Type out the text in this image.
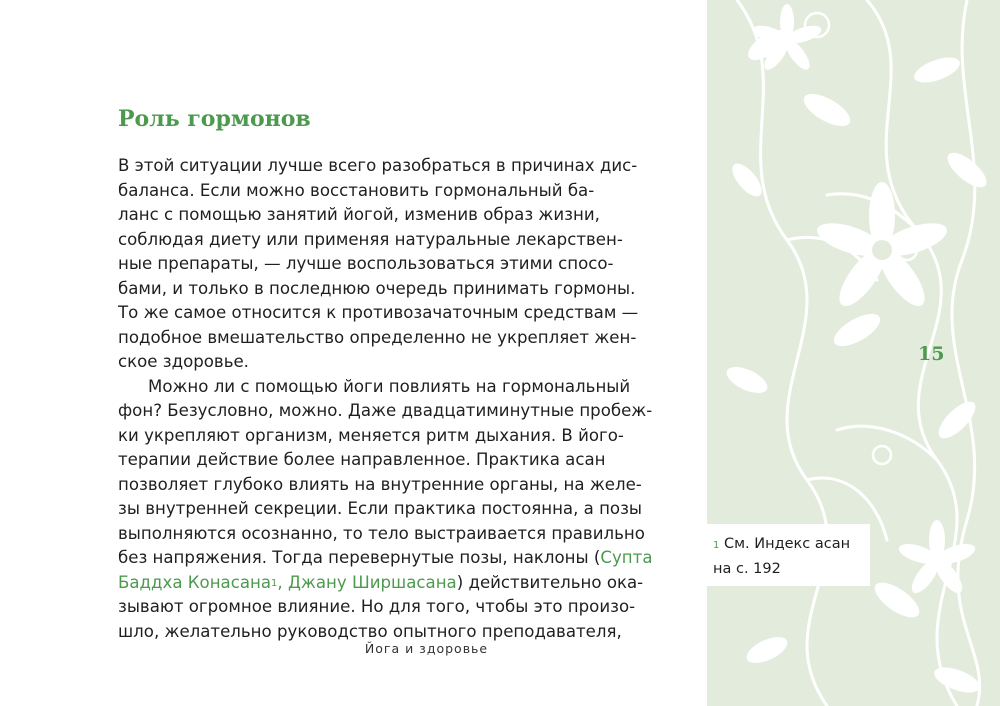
Роль гормонов
В этой ситуации лучше всего разобраться в причинах дис-
баланса. Если можно восстановить гормональный ба-
ланс с помощью занятий йогой, изменив образ жизни,
соблюдая диету или применяя натуральные лекарствен-
ные препараты, — лучше воспользоваться этими спосо-
бами, и только в последнюю очередь принимать гормоны.
То же самое относится к противозачаточным средствам —
подобное вмешательство определенно не укрепляет жен-
ское здоровье.
Можно ли с помощью йоги повлиять на гормональный
фон? Безусловно, можно. Даже двадцатиминутные пробеж-
ки укрепляют организм, меняется ритм дыхания. В його-
терапии действие более направленное. Практика асан
позволяет глубоко влиять на внутренние органы, на желе-
зы внутренней секреции. Если практика постоянна, а позы
выполняются осознанно, то тело выстраивается правильно
без напряжения. Тогда перевернутые позы, наклоны (Супта
Баддха Конасана$^1$, Джану Ширшасана) действительно ока-
зывают огромное влияние. Но для того, чтобы это произо-
шло, желательно руководство опытного преподавателя,
15
$^1$ См. Индекс асан
на с. 192
Йога и здоровье
